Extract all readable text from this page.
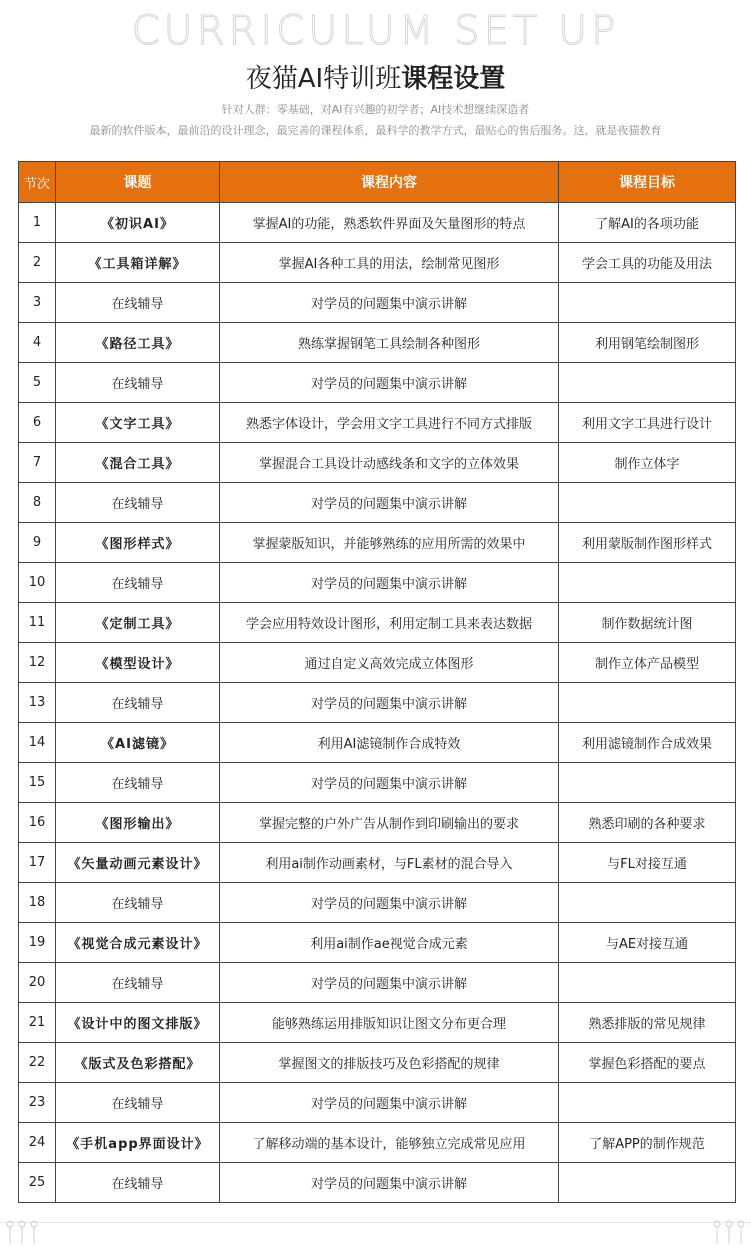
CURRICULUM SET UP
夜猫AI特训班课程设置
针对人群：零基础，对AI有兴趣的初学者；AI技术想继续深造者
最新的软件版本，最前沿的设计理念，最完善的课程体系，最科学的教学方式，最贴心的售后服务。这，就是夜猫教育
节次	课题	课程内容	课程目标
1	《初识AI》	掌握AI的功能，熟悉软件界面及矢量图形的特点	了解AI的各项功能
2	《工具箱详解》	掌握AI各种工具的用法，绘制常见图形	学会工具的功能及用法
3	在线辅导	对学员的问题集中演示讲解	
4	《路径工具》	熟练掌握钢笔工具绘制各种图形	利用钢笔绘制图形
5	在线辅导	对学员的问题集中演示讲解	
6	《文字工具》	熟悉字体设计，学会用文字工具进行不同方式排版	利用文字工具进行设计
7	《混合工具》	掌握混合工具设计动感线条和文字的立体效果	制作立体字
8	在线辅导	对学员的问题集中演示讲解	
9	《图形样式》	掌握蒙版知识，并能够熟练的应用所需的效果中	利用蒙版制作图形样式
10	在线辅导	对学员的问题集中演示讲解	
11	《定制工具》	学会应用特效设计图形，利用定制工具来表达数据	制作数据统计图
12	《模型设计》	通过自定义高效完成立体图形	制作立体产品模型
13	在线辅导	对学员的问题集中演示讲解	
14	《AI滤镜》	利用AI滤镜制作合成特效	利用滤镜制作合成效果
15	在线辅导	对学员的问题集中演示讲解	
16	《图形输出》	掌握完整的户外广告从制作到印刷输出的要求	熟悉印刷的各种要求
17	《矢量动画元素设计》	利用ai制作动画素材，与FL素材的混合导入	与FL对接互通
18	在线辅导	对学员的问题集中演示讲解	
19	《视觉合成元素设计》	利用ai制作ae视觉合成元素	与AE对接互通
20	在线辅导	对学员的问题集中演示讲解	
21	《设计中的图文排版》	能够熟练运用排版知识让图文分布更合理	熟悉排版的常见规律
22	《版式及色彩搭配》	掌握图文的排版技巧及色彩搭配的规律	掌握色彩搭配的要点
23	在线辅导	对学员的问题集中演示讲解	
24	《手机app界面设计》	了解移动端的基本设计，能够独立完成常见应用	了解APP的制作规范
25	在线辅导	对学员的问题集中演示讲解	
